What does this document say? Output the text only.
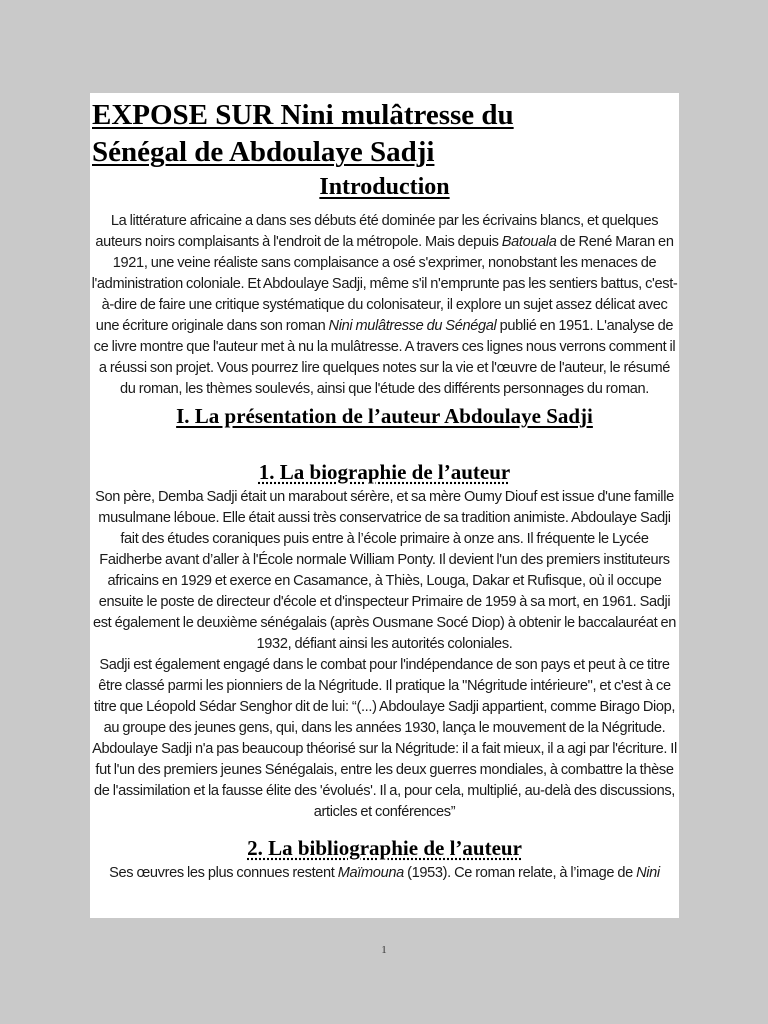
EXPOSE SUR Nini mulâtresse du
Sénégal de Abdoulaye Sadji
Introduction

La littérature africaine a dans ses débuts été dominée par les écrivains blancs, et quelques auteurs noirs complaisants à l'endroit de la métropole. Mais depuis Batouala de René Maran en 1921, une veine réaliste sans complaisance a osé s'exprimer, nonobstant les menaces de l'administration coloniale. Et Abdoulaye Sadji, même s'il n'emprunte pas les sentiers battus, c'est-à-dire de faire une critique systématique du colonisateur, il explore un sujet assez délicat avec une écriture originale dans son roman Nini mulâtresse du Sénégal publié en 1951. L'analyse de ce livre montre que l'auteur met à nu la mulâtresse. A travers ces lignes nous verrons comment il a réussi son projet. Vous pourrez lire quelques notes sur la vie et l'œuvre de l'auteur, le résumé du roman, les thèmes soulevés, ainsi que l'étude des différents personnages du roman.

I. La présentation de l’auteur Abdoulaye Sadji
1. La biographie de l’auteur

Son père, Demba Sadji était un marabout sérère, et sa mère Oumy Diouf est issue d'une famille musulmane léboue. Elle était aussi très conservatrice de sa tradition animiste. Abdoulaye Sadji fait des études coraniques puis entre à l’école primaire à onze ans. Il fréquente le Lycée Faidherbe avant d’aller à l'École normale William Ponty. Il devient l'un des premiers instituteurs africains en 1929 et exerce en Casamance, à Thiès, Louga, Dakar et Rufisque, où il occupe ensuite le poste de directeur d'école et d'inspecteur Primaire de 1959 à sa mort, en 1961. Sadji est également le deuxième sénégalais (après Ousmane Socé Diop) à obtenir le baccalauréat en 1932, défiant ainsi les autorités coloniales.

Sadji est également engagé dans le combat pour l'indépendance de son pays et peut à ce titre être classé parmi les pionniers de la Négritude. Il pratique la "Négritude intérieure", et c'est à ce titre que Léopold Sédar Senghor dit de lui: “(...) Abdoulaye Sadji appartient, comme Birago Diop, au groupe des jeunes gens, qui, dans les années 1930, lança le mouvement de la Négritude. Abdoulaye Sadji n'a pas beaucoup théorisé sur la Négritude: il a fait mieux, il a agi par l'écriture. Il fut l'un des premiers jeunes Sénégalais, entre les deux guerres mondiales, à combattre la thèse de l'assimilation et la fausse élite des 'évolués'. Il a, pour cela, multiplié, au-delà des discussions, articles et conférences”

2. La bibliographie de l’auteur

Ses œuvres les plus connues restent Maïmouna (1953). Ce roman relate, à l’image de Nini

1
